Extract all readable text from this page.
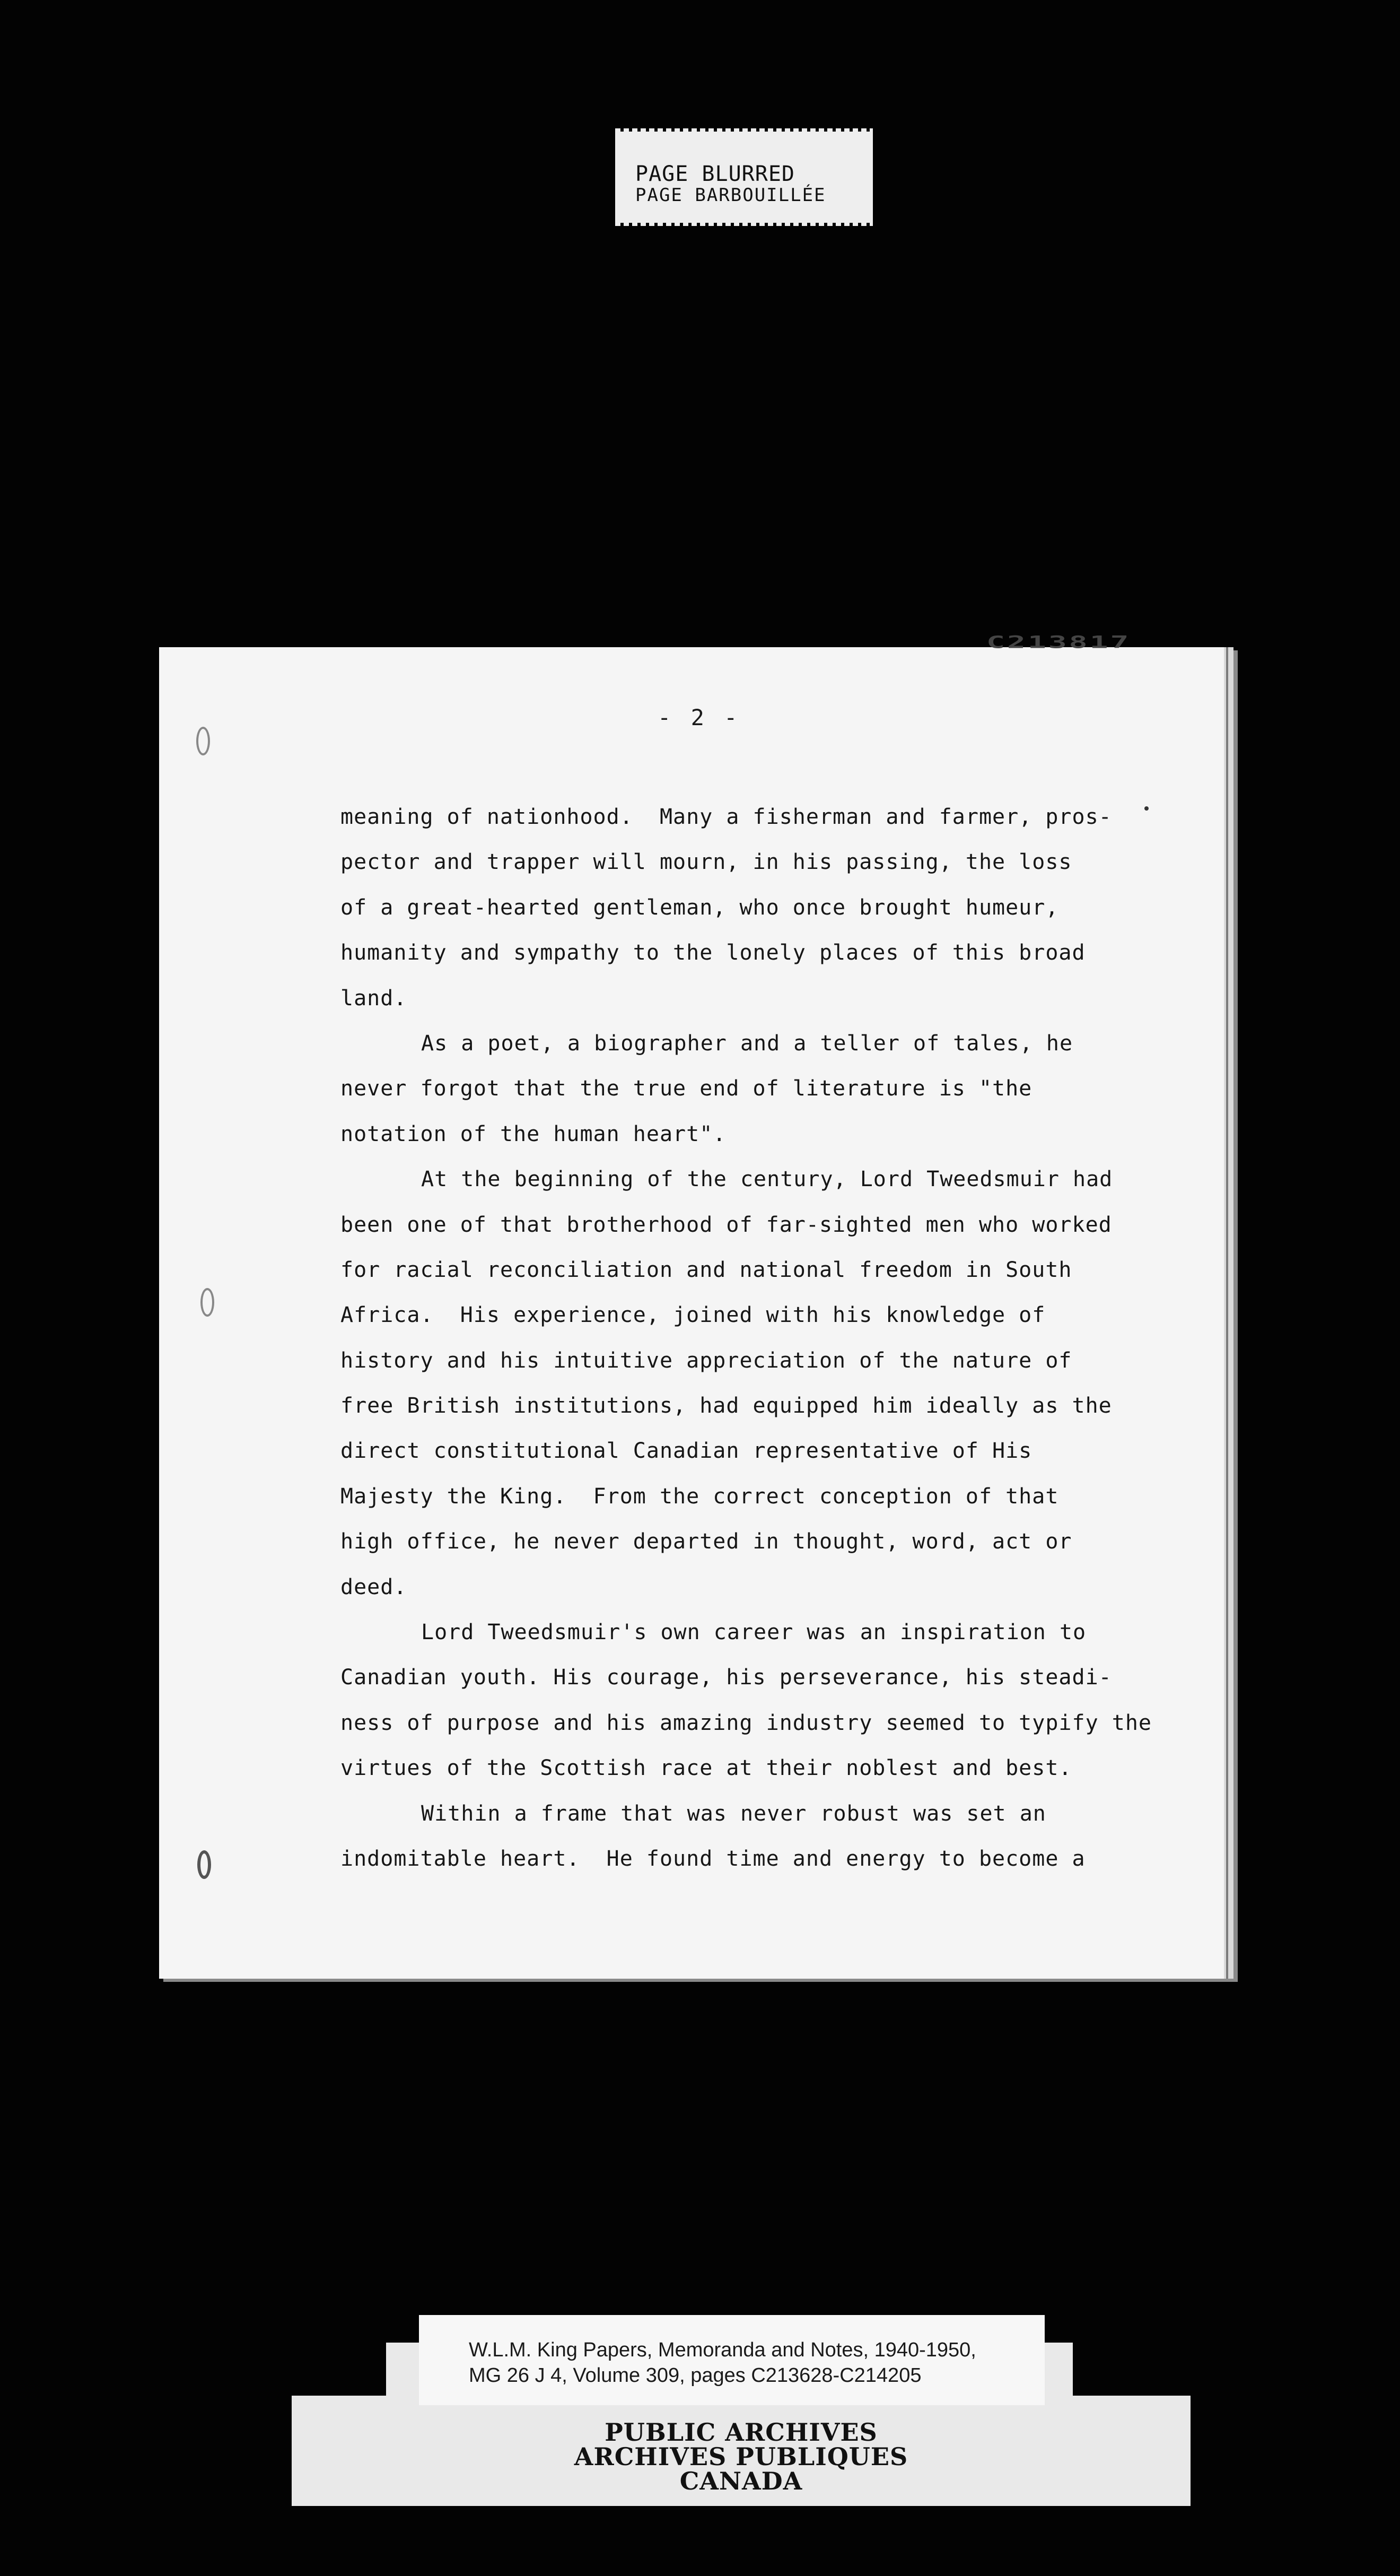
PAGE BLURRED
PAGE BARBOUILLÉE
C213817
- 2 -
meaning of nationhood.  Many a fisherman and farmer, pros-
pector and trapper will mourn, in his passing, the loss
of a great-hearted gentleman, who once brought humeur,
humanity and sympathy to the lonely places of this broad
land.
As a poet, a biographer and a teller of tales, he
never forgot that the true end of literature is "the
notation of the human heart".
At the beginning of the century, Lord Tweedsmuir had
been one of that brotherhood of far-sighted men who worked
for racial reconciliation and national freedom in South
Africa.  His experience, joined with his knowledge of
history and his intuitive appreciation of the nature of
free British institutions, had equipped him ideally as the
direct constitutional Canadian representative of His
Majesty the King.  From the correct conception of that
high office, he never departed in thought, word, act or
deed.
Lord Tweedsmuir's own career was an inspiration to
Canadian youth. His courage, his perseverance, his steadi-
ness of purpose and his amazing industry seemed to typify the
virtues of the Scottish race at their noblest and best.
Within a frame that was never robust was set an
indomitable heart.  He found time and energy to become a
W.L.M. King Papers, Memoranda and Notes, 1940-1950,
MG 26 J 4, Volume 309, pages C213628-C214205
PUBLIC ARCHIVES
ARCHIVES PUBLIQUES
CANADA
